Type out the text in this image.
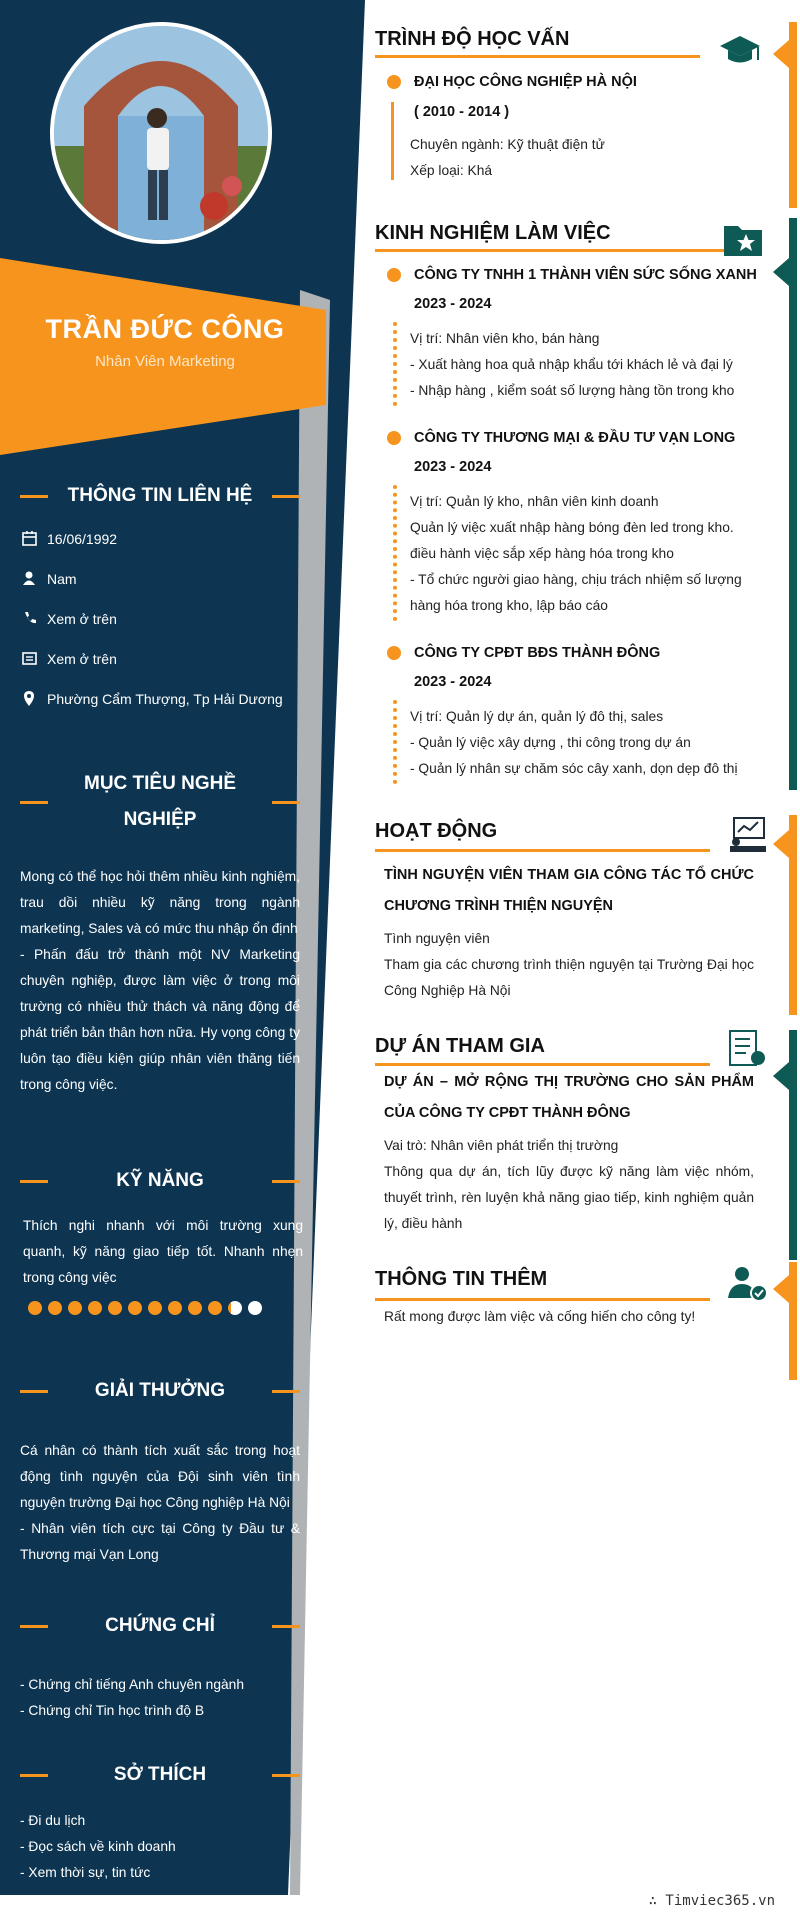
TRẦN ĐỨC CÔNG
Nhân Viên Marketing
THÔNG TIN LIÊN HỆ
16/06/1992
Nam
Xem ở trên
Xem ở trên
Phường Cẩm Thượng, Tp Hải Dương
MỤC TIÊU NGHỀ
NGHIỆP
Mong có thể học hỏi thêm nhiều kinh nghiệm, trau dồi nhiều kỹ năng trong ngành marketing, Sales và có mức thu nhập ổn định
- Phấn đấu trở thành một NV Marketing chuyên nghiệp, được làm việc ở trong môi trường có nhiều thử thách và năng động để phát triển bản thân hơn nữa. Hy vọng công ty luôn tạo điều kiện giúp nhân viên thăng tiến trong công việc.
KỸ NĂNG
Thích nghi nhanh với môi trường xung quanh, kỹ năng giao tiếp tốt. Nhanh nhẹn trong công việc
GIẢI THƯỞNG
Cá nhân có thành tích xuất sắc trong hoạt động tình nguyện của Đội sinh viên tình nguyện trường Đại học Công nghiệp Hà Nội
- Nhân viên tích cực tại Công ty Đầu tư & Thương mại Vạn Long
CHỨNG CHỈ
- Chứng chỉ tiếng Anh chuyên ngành
- Chứng chỉ Tin học trình độ B
SỞ THÍCH
- Đi du lịch
- Đọc sách về kinh doanh
- Xem thời sự, tin tức
TRÌNH ĐỘ HỌC VẤN
ĐẠI HỌC CÔNG NGHIỆP HÀ NỘI
( 2010 - 2014 )
Chuyên ngành: Kỹ thuật điện tử
Xếp loại: Khá
KINH NGHIỆM LÀM VIỆC
CÔNG TY TNHH 1 THÀNH VIÊN SỨC SỐNG XANH
2023 - 2024
Vị trí: Nhân viên kho, bán hàng
- Xuất hàng hoa quả nhập khẩu tới khách lẻ và đại lý
- Nhập hàng , kiểm soát số lượng hàng tồn trong kho
CÔNG TY THƯƠNG MẠI & ĐẦU TƯ VẠN LONG
2023 - 2024
Vị trí: Quản lý kho, nhân viên kinh doanh
Quản lý việc xuất nhập hàng bóng đèn led trong kho.
điều hành việc sắp xếp hàng hóa trong kho
- Tổ chức người giao hàng, chịu trách nhiệm số lượng
hàng hóa trong kho, lập báo cáo
CÔNG TY CPĐT BĐS THÀNH ĐÔNG
2023 - 2024
Vị trí: Quản lý dự án, quản lý đô thị, sales
- Quản lý việc xây dựng , thi công trong dự án
- Quản lý nhân sự chăm sóc cây xanh, dọn dẹp đô thị
HOẠT ĐỘNG
TÌNH NGUYỆN VIÊN THAM GIA CÔNG TÁC TỔ CHỨC CHƯƠNG TRÌNH THIỆN NGUYỆN
Tình nguyện viên
Tham gia các chương trình thiện nguyện tại Trường Đại học Công Nghiệp Hà Nội
DỰ ÁN THAM GIA
DỰ ÁN – MỞ RỘNG THỊ TRƯỜNG CHO SẢN PHẨM CỦA CÔNG TY CPĐT THÀNH ĐÔNG
Vai trò: Nhân viên phát triển thị trường
Thông qua dự án, tích lũy được kỹ năng làm việc nhóm, thuyết trình, rèn luyện khả năng giao tiếp, kinh nghiệm quản lý, điều hành
THÔNG TIN THÊM
Rất mong được làm việc và cống hiến cho công ty!
∴ Timviec365.vn
